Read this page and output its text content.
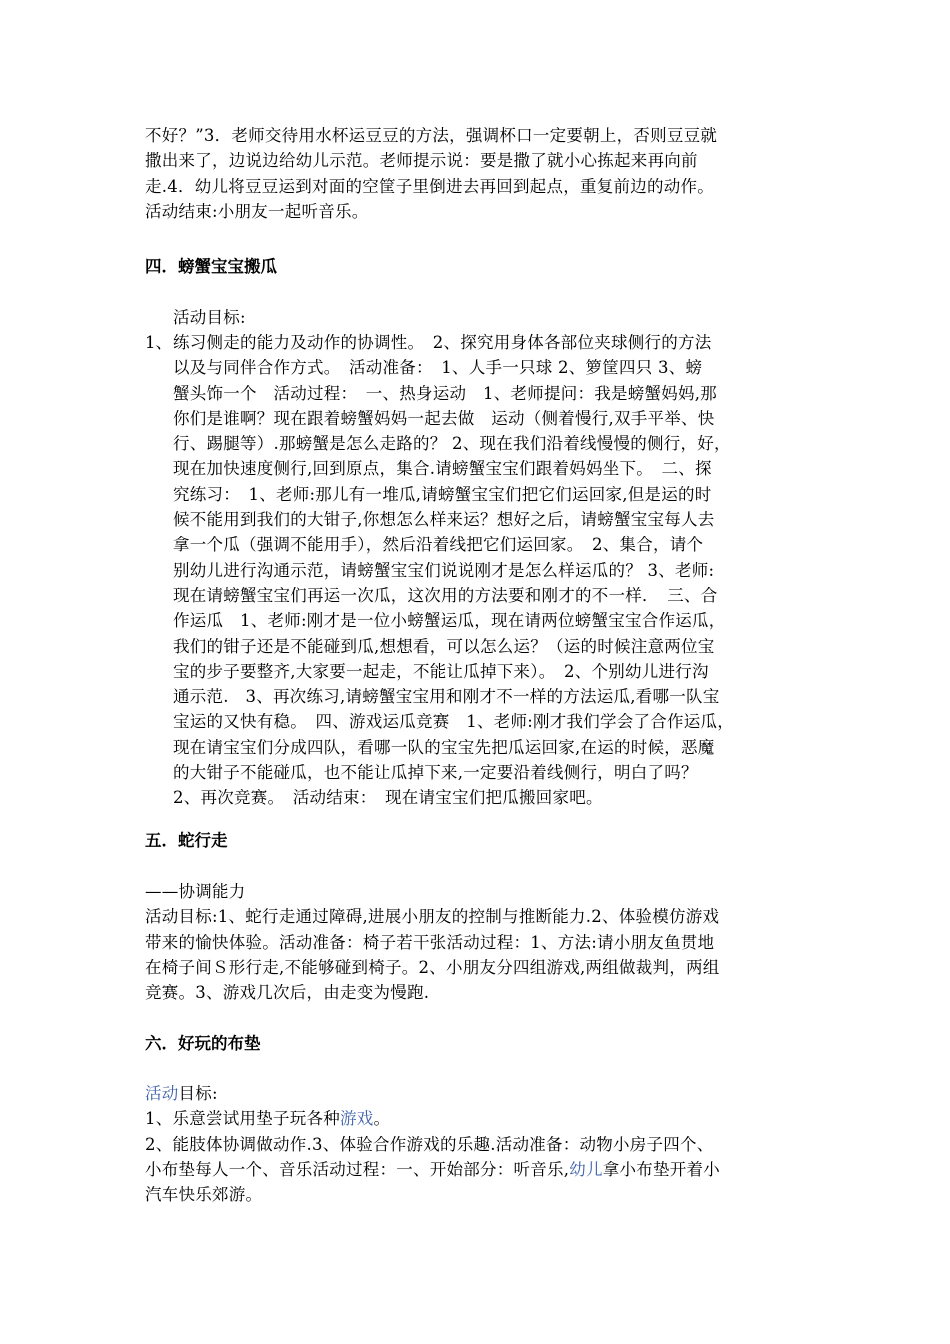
不好？”3．老师交待用水杯运豆豆的方法，强调杯口一定要朝上，否则豆豆就
撒出来了，边说边给幼儿示范。老师提示说：要是撒了就小心拣起来再向前
走.4．幼儿将豆豆运到对面的空筐子里倒进去再回到起点，重复前边的动作。
活动结束:小朋友一起听音乐。
四．螃蟹宝宝搬瓜
活动目标:
1、 练习侧走的能力及动作的协调性。　2、探究用身体各部位夹球侧行的方法
以及与同伴合作方式。　活动准备：　1、人手一只球 2、箩筐四只 3、螃
蟹头饰一个　活动过程：　一、热身运动　1、老师提问：我是螃蟹妈妈,那
你们是谁啊？现在跟着螃蟹妈妈一起去做　运动（侧着慢行,双手平举、快
行、踢腿等）.那螃蟹是怎么走路的？ 2、现在我们沿着线慢慢的侧行，好，
现在加快速度侧行,回到原点，集合.请螃蟹宝宝们跟着妈妈坐下。　二、探
究练习：　1、老师:那儿有一堆瓜,请螃蟹宝宝们把它们运回家,但是运的时
候不能用到我们的大钳子,你想怎么样来运？想好之后，请螃蟹宝宝每人去
拿一个瓜（强调不能用手），然后沿着线把它们运回家。　2、集合，请个
别幼儿进行沟通示范，请螃蟹宝宝们说说刚才是怎么样运瓜的？ 3、老师:
现在请螃蟹宝宝们再运一次瓜，这次用的方法要和刚才的不一样．　三、合
作运瓜　1、老师:刚才是一位小螃蟹运瓜，现在请两位螃蟹宝宝合作运瓜，
我们的钳子还是不能碰到瓜,想想看，可以怎么运？（运的时候注意两位宝
宝的步子要整齐,大家要一起走，不能让瓜掉下来）。　2、个别幼儿进行沟
通示范.　3、再次练习,请螃蟹宝宝用和刚才不一样的方法运瓜,看哪一队宝
宝运的又快有稳。　四、游戏运瓜竞赛　1、老师:刚才我们学会了合作运瓜，
现在请宝宝们分成四队，看哪一队的宝宝先把瓜运回家,在运的时候，恶魔
的大钳子不能碰瓜，也不能让瓜掉下来,一定要沿着线侧行，明白了吗？
2、再次竞赛。　活动结束：　现在请宝宝们把瓜搬回家吧。
五．蛇行走
——协调能力
活动目标:1、蛇行走通过障碍,进展小朋友的控制与推断能力.2、体验模仿游戏
带来的愉快体验。活动准备：椅子若干张活动过程：1、方法:请小朋友鱼贯地
在椅子间Ｓ形行走,不能够碰到椅子。2、小朋友分四组游戏,两组做裁判，两组
竞赛。3、游戏几次后，由走变为慢跑.
六．好玩的布垫
活动目标:
1、乐意尝试用垫子玩各种游戏。
2、能肢体协调做动作.3、体验合作游戏的乐趣.活动准备：动物小房子四个、
小布垫每人一个、音乐活动过程：一、开始部分：听音乐,幼儿拿小布垫开着小
汽车快乐郊游。
